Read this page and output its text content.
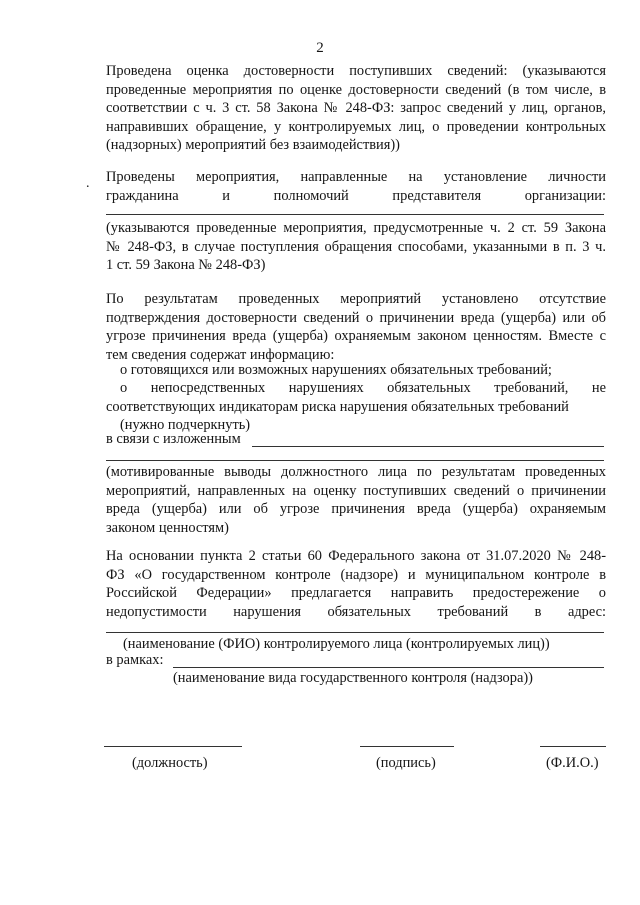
2
Проведена оценка достоверности поступивших сведений: (указываются
проведенные мероприятия по оценке достоверности сведений (в том числе, в
соответствии с ч. 3 ст. 58 Закона № 248-ФЗ: запрос сведений у лиц, органов,
направивших обращение, у контролируемых лиц, о проведении контрольных
(надзорных) мероприятий без взаимодействия))
. Проведены мероприятия, направленные на установление личности
гражданина и полномочий представителя организации:
(указываются проведенные мероприятия, предусмотренные ч. 2 ст. 59 Закона
№ 248-ФЗ, в случае поступления обращения способами, указанными в п. 3 ч.
1 ст. 59 Закона № 248-ФЗ)
По результатам проведенных мероприятий установлено отсутствие
подтверждения достоверности сведений о причинении вреда (ущерба) или об
угрозе причинения вреда (ущерба) охраняемым законом ценностям. Вместе с
тем сведения содержат информацию:
о готовящихся или возможных нарушениях обязательных требований;
о непосредственных нарушениях обязательных требований, не
соответствующих индикаторам риска нарушения обязательных требований
(нужно подчеркнуть)
в связи с изложенным
(мотивированные выводы должностного лица по результатам проведенных
мероприятий, направленных на оценку поступивших сведений о причинении
вреда (ущерба) или об угрозе причинения вреда (ущерба) охраняемым
законом ценностям)
На основании пункта 2 статьи 60 Федерального закона от 31.07.2020 № 248-
ФЗ «О государственном контроле (надзоре) и муниципальном контроле в
Российской Федерации» предлагается направить предостережение о
недопустимости нарушения обязательных требований в адрес:
(наименование (ФИО) контролируемого лица (контролируемых лиц))
в рамках:
(наименование вида государственного контроля (надзора))
(должность)	(подпись)	(Ф.И.О.)
